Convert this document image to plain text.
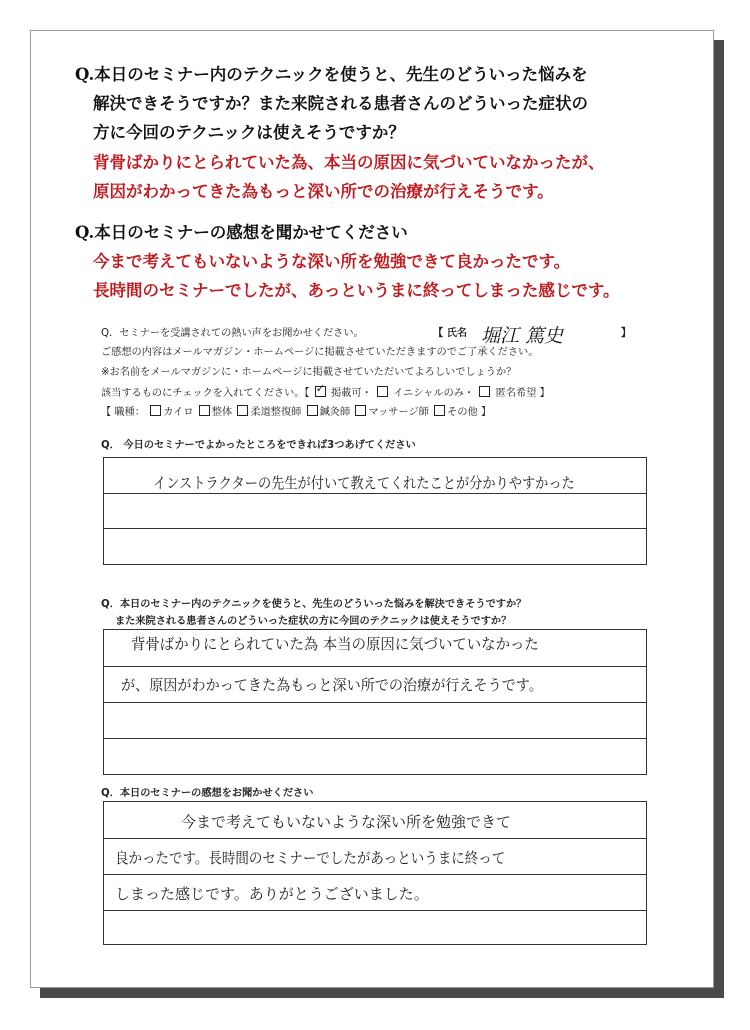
Q.本日のセミナー内のテクニックを使うと、先生のどういった悩みを
解決できそうですか？また来院される患者さんのどういった症状の
方に今回のテクニックは使えそうですか？
背骨ばかりにとられていた為、本当の原因に気づいていなかったが、
原因がわかってきた為もっと深い所での治療が行えそうです。
Q.本日のセミナーの感想を聞かせてください
今まで考えてもいないような深い所を勉強できて良かったです。
長時間のセミナーでしたが、あっというまに終ってしまった感じです。
Q．セミナーを受講されての熱い声をお聞かせください。	【 氏名 堀江 篤史	】
ご感想の内容はメールマガジン・ホームページに掲載させていただきますのでご了承ください。
※お名前をメールマガジンに・ホームページに掲載させていただいてよろしいでしょうか？
該当するものにチェックを入れてください。【 ✓ 掲載可・ イニシャルのみ・ 匿名希望 】
【 職種： カイロ 整体 柔道整復師 鍼灸師 マッサージ師 その他 】
Q． 今日のセミナーでよかったところをできれば3つあげてください
インストラクターの先生が付いて教えてくれたことが分かりやすかった
Q．本日のセミナー内のテクニックを使うと、先生のどういった悩みを解決できそうですか？
また来院される患者さんのどういった症状の方に今回のテクニックは使えそうですか？
背骨ばかりにとられていた為 本当の原因に気づいていなかった
が、原因がわかってきた為もっと深い所での治療が行えそうです。
Q．本日のセミナーの感想をお聞かせください
今まで考えてもいないような深い所を勉強できて
良かったです。長時間のセミナーでしたがあっというまに終って
しまった感じです。ありがとうございました。
